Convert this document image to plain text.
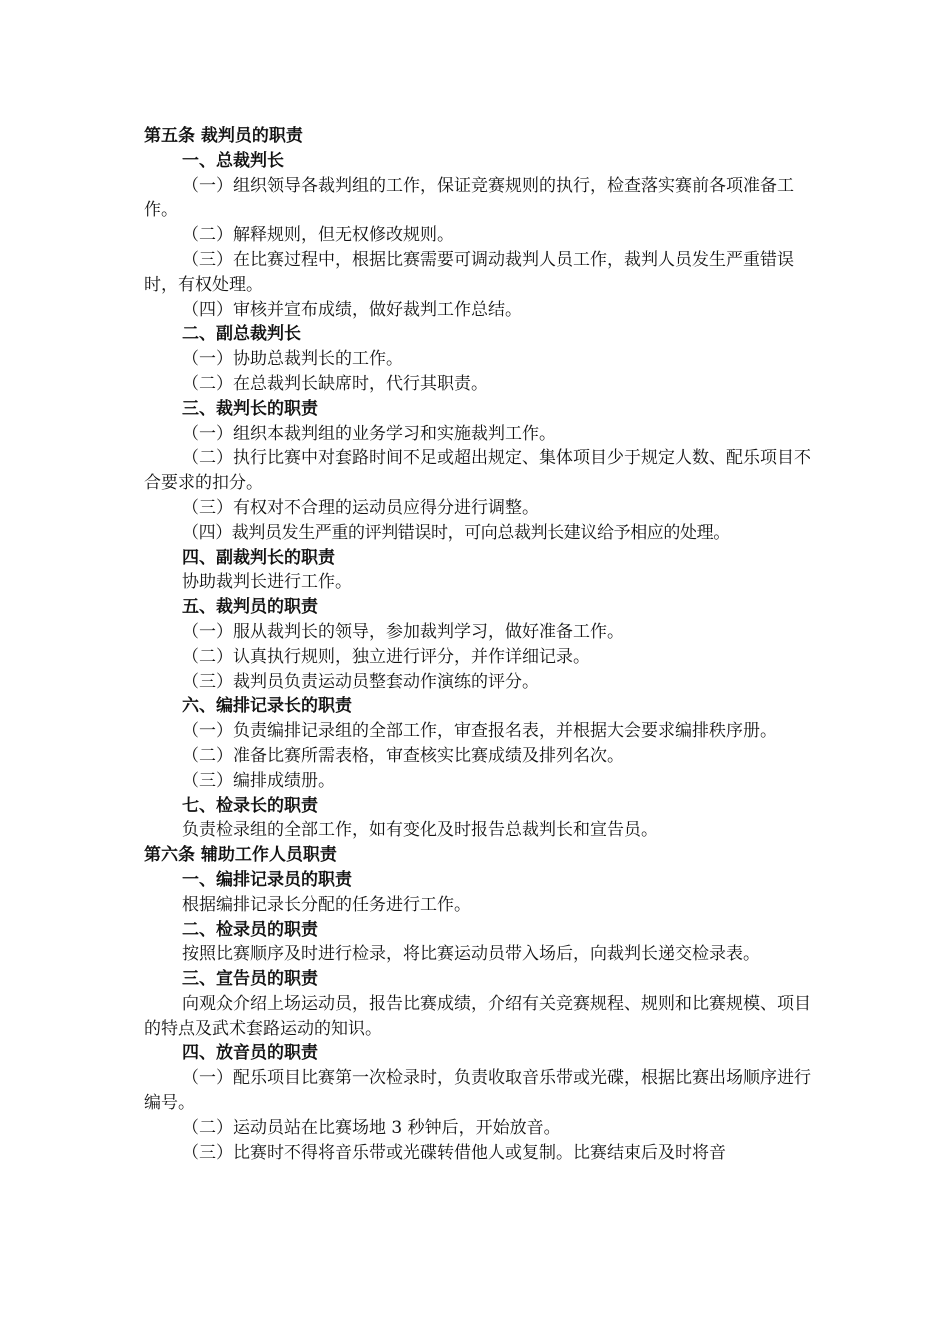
第五条 裁判员的职责

一、总裁判长

（一）组织领导各裁判组的工作，保证竞赛规则的执行，检查落实赛前各项准备工作。

（二）解释规则，但无权修改规则。

（三）在比赛过程中，根据比赛需要可调动裁判人员工作，裁判人员发生严重错误时，有权处理。

（四）审核并宣布成绩，做好裁判工作总结。

二、副总裁判长

（一）协助总裁判长的工作。

（二）在总裁判长缺席时，代行其职责。

三、裁判长的职责

（一）组织本裁判组的业务学习和实施裁判工作。

（二）执行比赛中对套路时间不足或超出规定、集体项目少于规定人数、配乐项目不合要求的扣分。

（三）有权对不合理的运动员应得分进行调整。

（四）裁判员发生严重的评判错误时，可向总裁判长建议给予相应的处理。

四、副裁判长的职责

协助裁判长进行工作。

五、裁判员的职责

（一）服从裁判长的领导，参加裁判学习，做好准备工作。

（二）认真执行规则，独立进行评分，并作详细记录。

（三）裁判员负责运动员整套动作演练的评分。

六、编排记录长的职责

（一）负责编排记录组的全部工作，审查报名表，并根据大会要求编排秩序册。

（二）准备比赛所需表格，审查核实比赛成绩及排列名次。

（三）编排成绩册。

七、检录长的职责

负责检录组的全部工作，如有变化及时报告总裁判长和宣告员。

第六条 辅助工作人员职责

一、编排记录员的职责

根据编排记录长分配的任务进行工作。

二、检录员的职责

按照比赛顺序及时进行检录，将比赛运动员带入场后，向裁判长递交检录表。

三、宣告员的职责

向观众介绍上场运动员，报告比赛成绩，介绍有关竞赛规程、规则和比赛规模、项目的特点及武术套路运动的知识。

四、放音员的职责

（一）配乐项目比赛第一次检录时，负责收取音乐带或光碟，根据比赛出场顺序进行编号。

（二）运动员站在比赛场地 3 秒钟后，开始放音。

（三）比赛时不得将音乐带或光碟转借他人或复制。比赛结束后及时将音
